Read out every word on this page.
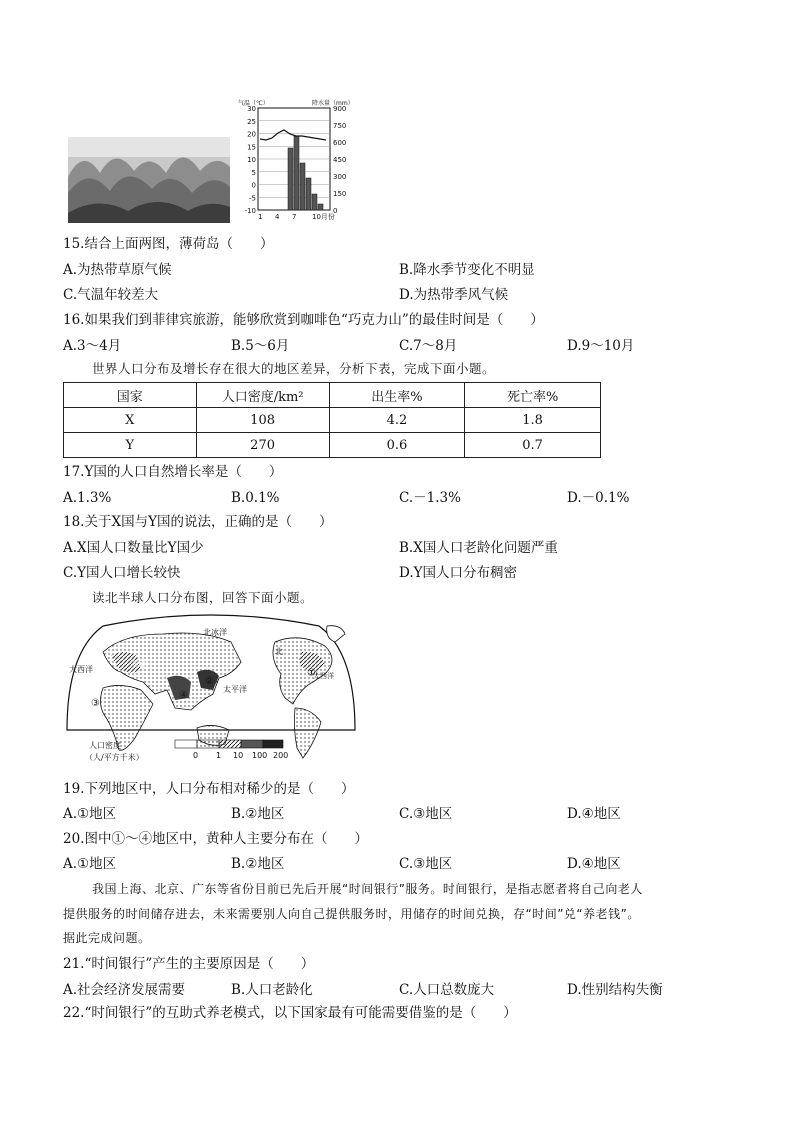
气温（℃）	降水量（mm）
30
25
20
15
10
5
0
-5
-10
900
750
600
450
300
150
0
1 4 7 10月份
15.结合上面两图，薄荷岛（　　）
A.为热带草原气候	B.降水季节变化不明显
C.气温年较差大	D.为热带季风气候
16.如果我们到菲律宾旅游，能够欣赏到咖啡色“巧克力山”的最佳时间是（　　）
A.3～4月	B.5～6月	C.7～8月	D.9～10月
世界人口分布及增长存在很大的地区差异，分析下表，完成下面小题。
国家	人口密度/km²	出生率%	死亡率%
X	108	4.2	1.8
Y	270	0.6	0.7
17.Y国的人口自然增长率是（　　）
A.1.3%	B.0.1%	C.－1.3%	D.－0.1%
18.关于X国与Y国的说法，正确的是（　　）
A.X国人口数量比Y国少	B.X国人口老龄化问题严重
C.Y国人口增长较快	D.Y国人口分布稠密
读北半球人口分布图，回答下面小题。
北冰洋
太平洋
大西洋
大西洋
北
欧洲
①
②
③
④
人口密度
（人/平方千米）	0 1 10 100 200
19.下列地区中，人口分布相对稀少的是（　　）
A.①地区	B.②地区	C.③地区	D.④地区
20.图中①～④地区中，黄种人主要分布在（　　）
A.①地区	B.②地区	C.③地区	D.④地区
我国上海、北京、广东等省份目前已先后开展“时间银行”服务。时间银行，是指志愿者将自己向老人
提供服务的时间储存进去，未来需要别人向自己提供服务时，用储存的时间兑换，存“时间”兑“养老钱”。
据此完成问题。
21.“时间银行”产生的主要原因是（　　）
A.社会经济发展需要	B.人口老龄化	C.人口总数庞大	D.性别结构失衡
22.“时间银行”的互助式养老模式，以下国家最有可能需要借鉴的是（　　）
